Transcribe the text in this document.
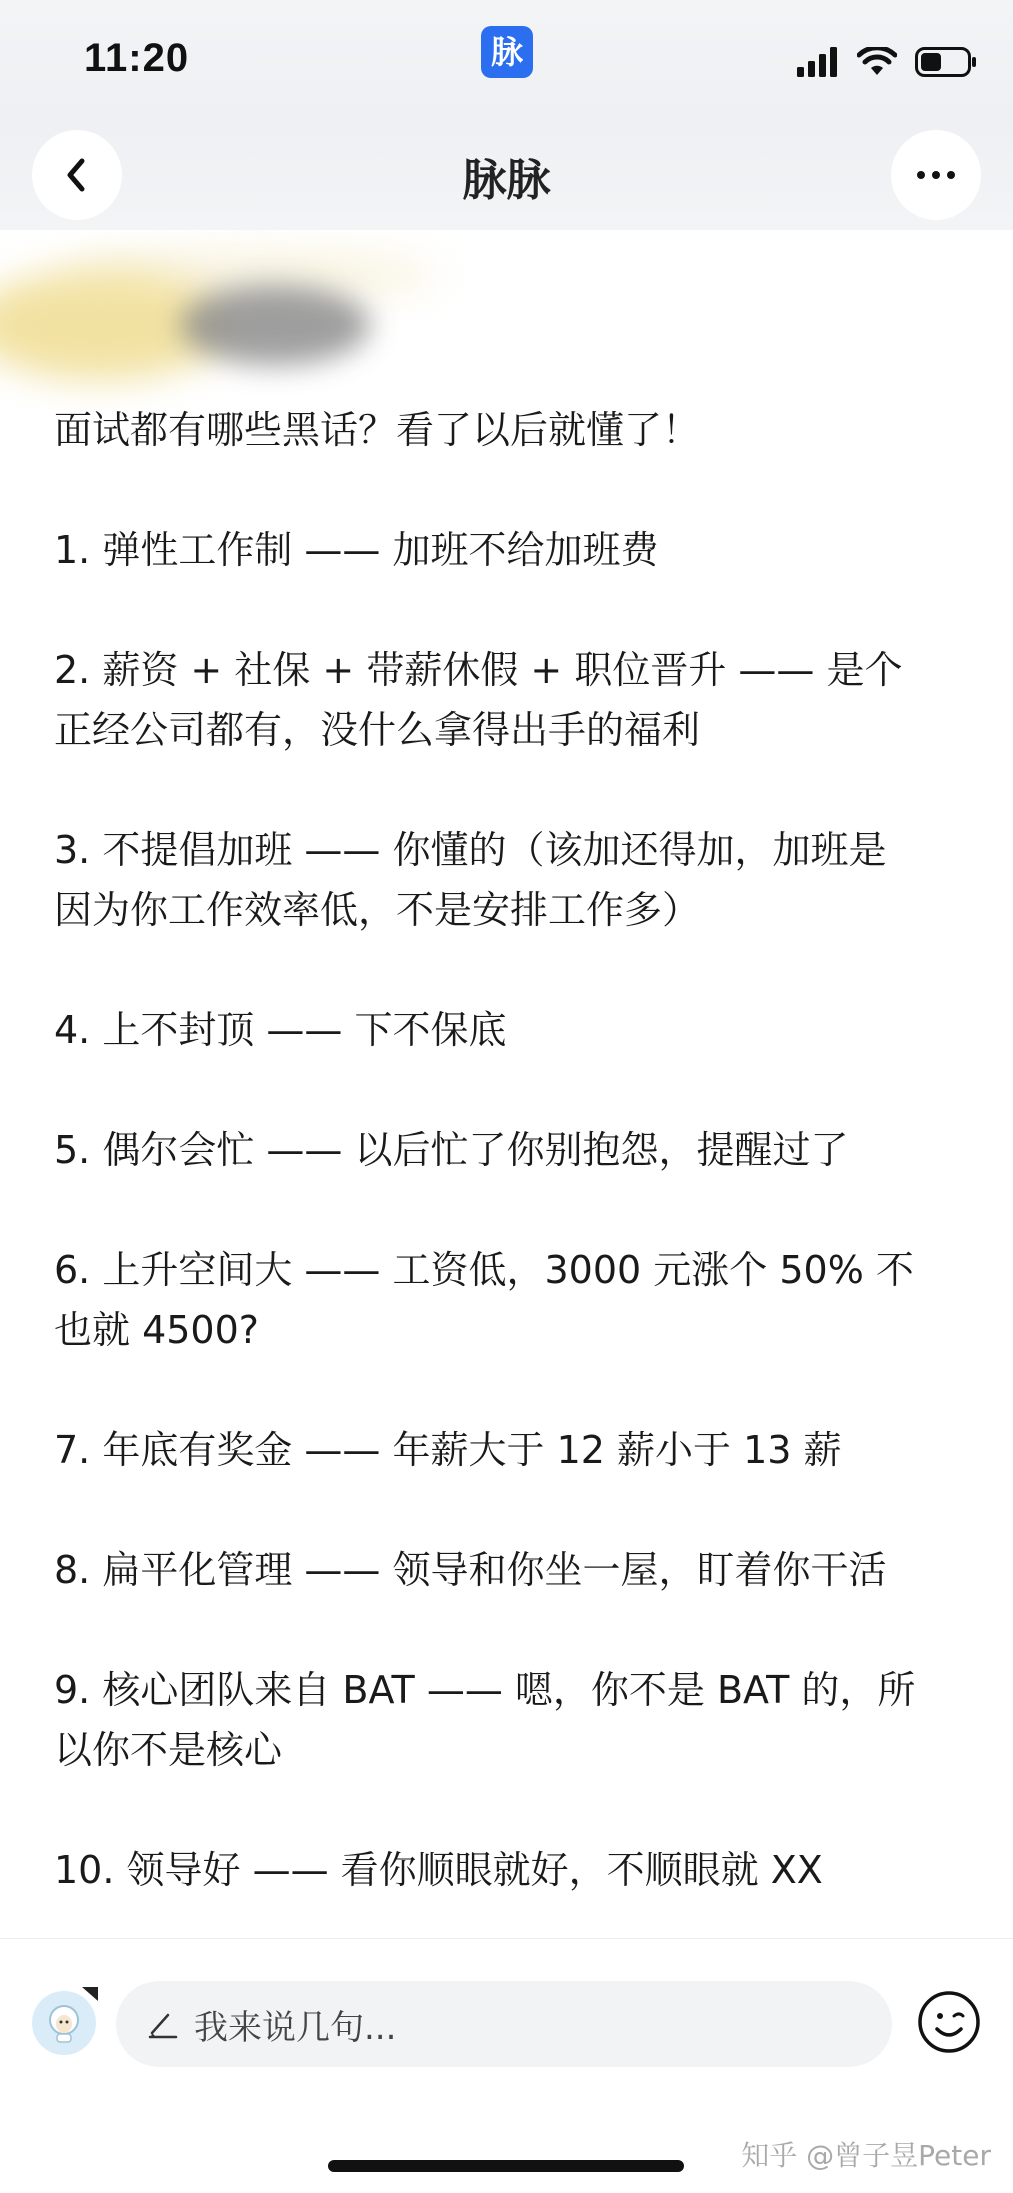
11:20	脉
脉脉

面试都有哪些黑话？看了以后就懂了！

1. 弹性工作制 —— 加班不给加班费

2. 薪资 + 社保 + 带薪休假 + 职位晋升 —— 是个
正经公司都有，没什么拿得出手的福利

3. 不提倡加班 —— 你懂的（该加还得加，加班是
因为你工作效率低，不是安排工作多）

4. 上不封顶 —— 下不保底

5. 偶尔会忙 —— 以后忙了你别抱怨，提醒过了

6. 上升空间大 —— 工资低，3000 元涨个 50% 不
也就 4500?

7. 年底有奖金 —— 年薪大于 12 薪小于 13 薪

8. 扁平化管理 —— 领导和你坐一屋，盯着你干活

9. 核心团队来自 BAT —— 嗯，你不是 BAT 的，所
以你不是核心

10. 领导好 —— 看你顺眼就好，不顺眼就 XX

我来说几句...
知乎 @曾子昱Peter
